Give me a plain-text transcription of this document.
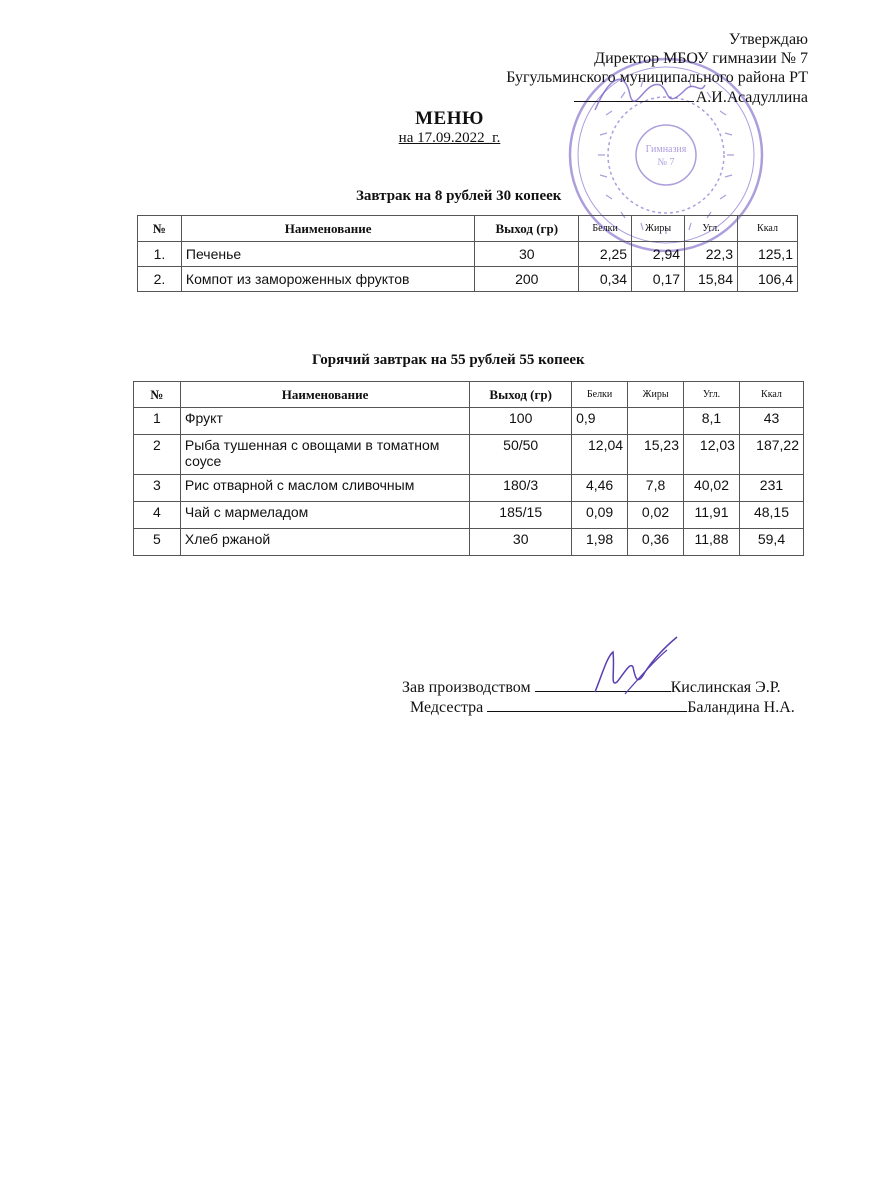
Гимназия
№ 7
Утверждаю
Директор МБОУ гимназии № 7
Бугульминского муниципального района РТ
А.И.Асадуллина
МЕНЮ
на 17.09.2022_г.
Завтрак на 8 рублей 30 копеек
№	Наименование	Выход (гр)	Белки	Жиры	Угл.	Ккал
1.	Печенье	30	2,25	2,94	22,3	125,1
2.	Компот из замороженных фруктов	200	0,34	0,17	15,84	106,4
Горячий завтрак на 55 рублей 55 копеек
№	Наименование	Выход (гр)	Белки	Жиры	Угл.	Ккал
1	Фрукт	100	0,9		8,1	43
2	Рыба тушенная с овощами в томатном соусе	50/50	12,04	15,23	12,03	187,22
3	Рис отварной с маслом сливочным	180/3	4,46	7,8	40,02	231
4	Чай с мармеладом	185/15	0,09	0,02	11,91	48,15
5	Хлеб ржаной	30	1,98	0,36	11,88	59,4
Зав производством	Кислинская Э.Р.
Медсестра	Баландина Н.А.
